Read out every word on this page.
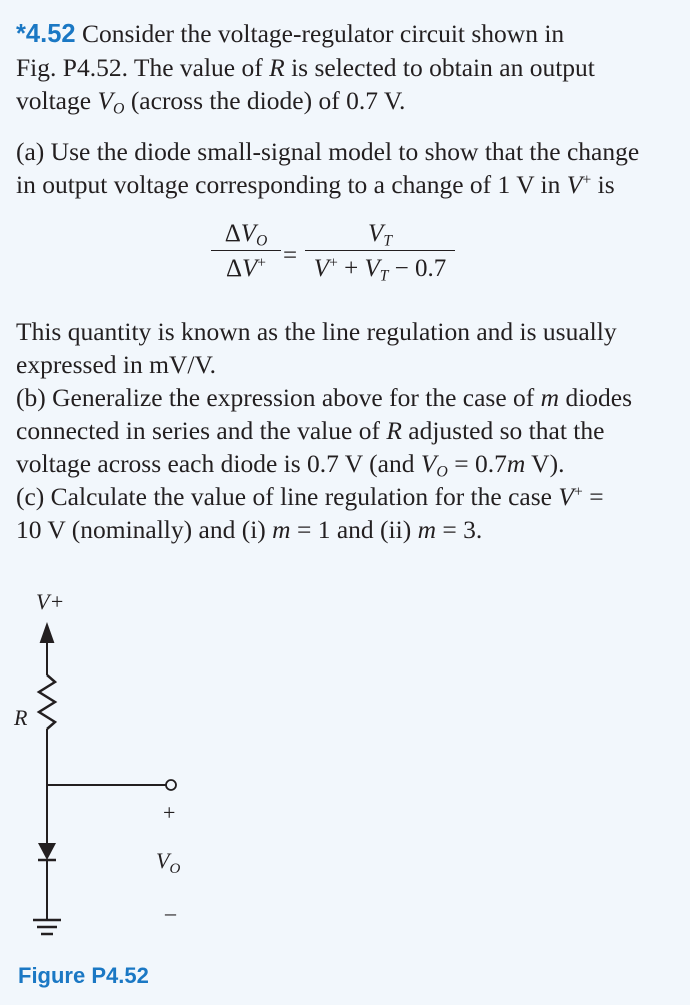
*4.52 Consider the voltage-regulator circuit shown in
Fig. P4.52. The value of R is selected to obtain an output
voltage $V_O$ (across the diode) of 0.7 V.
(a) Use the diode small-signal model to show that the change
in output voltage corresponding to a change of 1 V in V+ is
$\Delta V_O$
ΔV+ =
$V_T$
$V^+ + V_T - 0.7$
This quantity is known as the line regulation and is usually
expressed in mV/V.
(b) Generalize the expression above for the case of m diodes
connected in series and the value of R adjusted so that the
voltage across each diode is 0.7 V (and $V_O = 0.7m$ V).
(c) Calculate the value of line regulation for the case V+ =
10 V (nominally) and (i) m = 1 and (ii) m = 3.
V+
R
+
$V_O$
–
Figure P4.52
